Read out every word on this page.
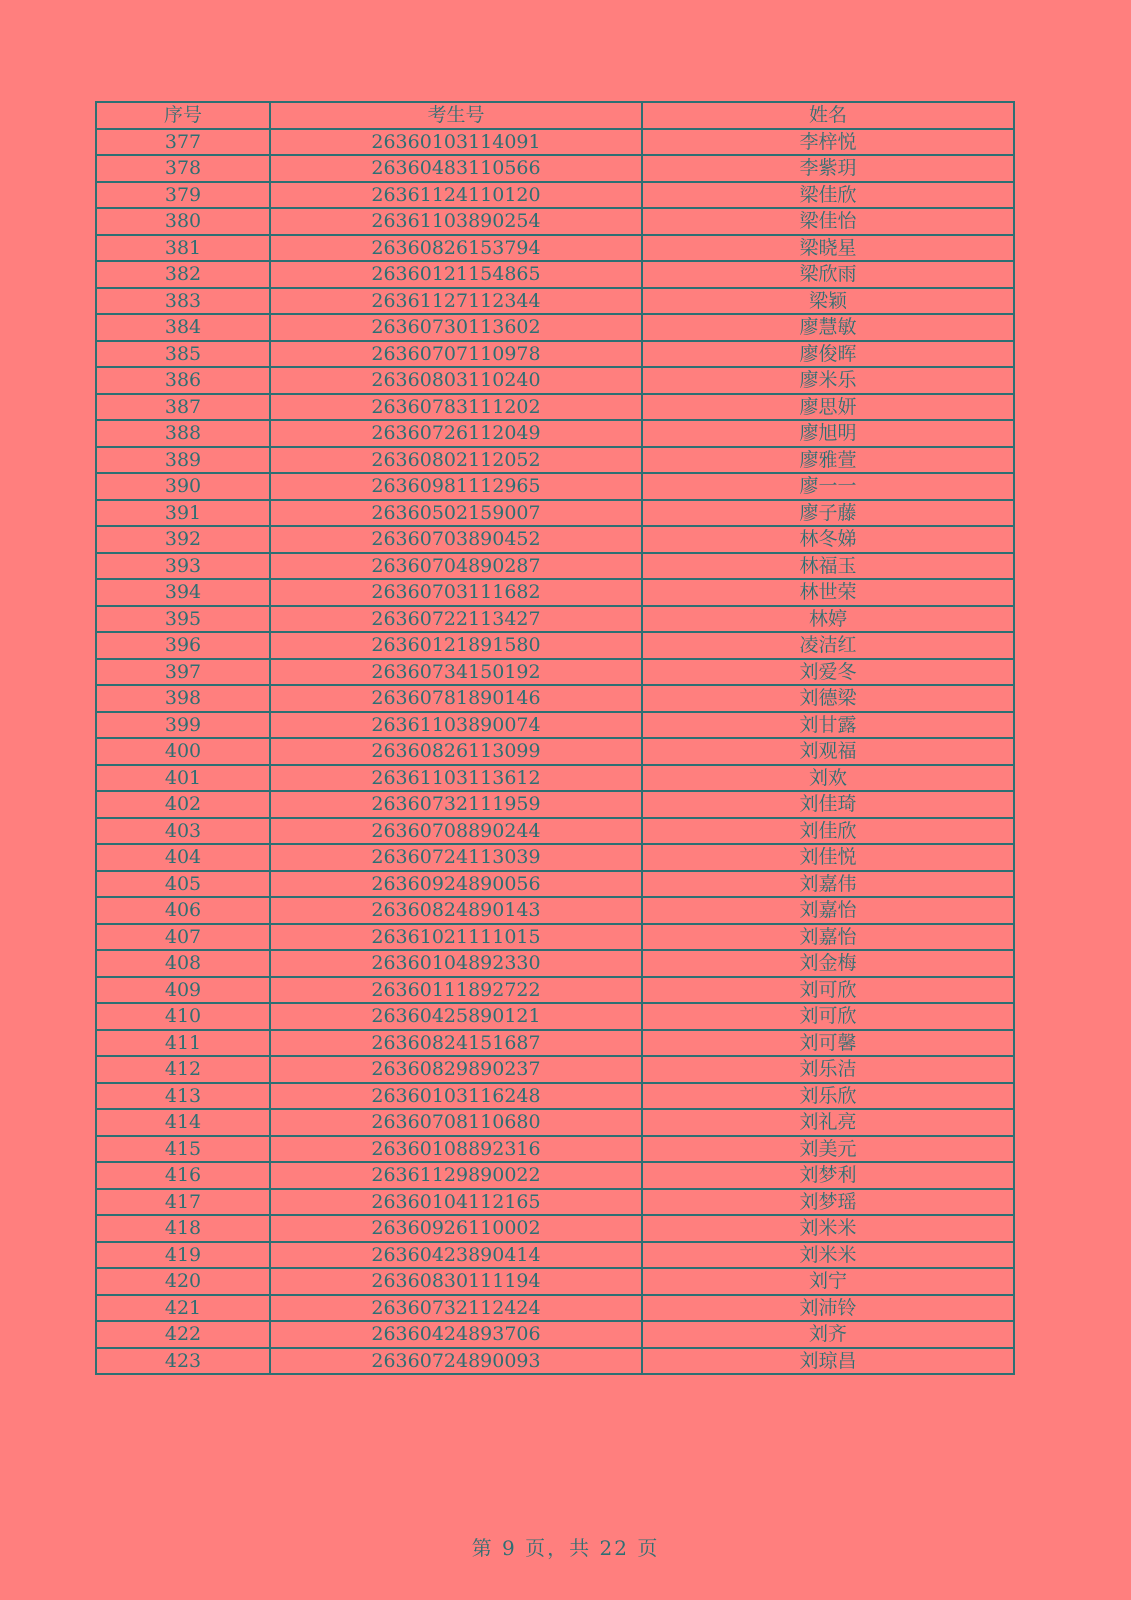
序号	考生号	姓名
377	26360103114091	李梓悦
378	26360483110566	李紫玥
379	26361124110120	梁佳欣
380	26361103890254	梁佳怡
381	26360826153794	梁晓星
382	26360121154865	梁欣雨
383	26361127112344	梁颖
384	26360730113602	廖慧敏
385	26360707110978	廖俊晖
386	26360803110240	廖米乐
387	26360783111202	廖思妍
388	26360726112049	廖旭明
389	26360802112052	廖雅萱
390	26360981112965	廖一一
391	26360502159007	廖子藤
392	26360703890452	林冬娣
393	26360704890287	林福玉
394	26360703111682	林世荣
395	26360722113427	林婷
396	26360121891580	凌洁红
397	26360734150192	刘爱冬
398	26360781890146	刘德梁
399	26361103890074	刘甘露
400	26360826113099	刘观福
401	26361103113612	刘欢
402	26360732111959	刘佳琦
403	26360708890244	刘佳欣
404	26360724113039	刘佳悦
405	26360924890056	刘嘉伟
406	26360824890143	刘嘉怡
407	26361021111015	刘嘉怡
408	26360104892330	刘金梅
409	26360111892722	刘可欣
410	26360425890121	刘可欣
411	26360824151687	刘可馨
412	26360829890237	刘乐洁
413	26360103116248	刘乐欣
414	26360708110680	刘礼亮
415	26360108892316	刘美元
416	26361129890022	刘梦利
417	26360104112165	刘梦瑶
418	26360926110002	刘米米
419	26360423890414	刘米米
420	26360830111194	刘宁
421	26360732112424	刘沛铃
422	26360424893706	刘齐
423	26360724890093	刘琼昌
第 9 页，共 22 页
